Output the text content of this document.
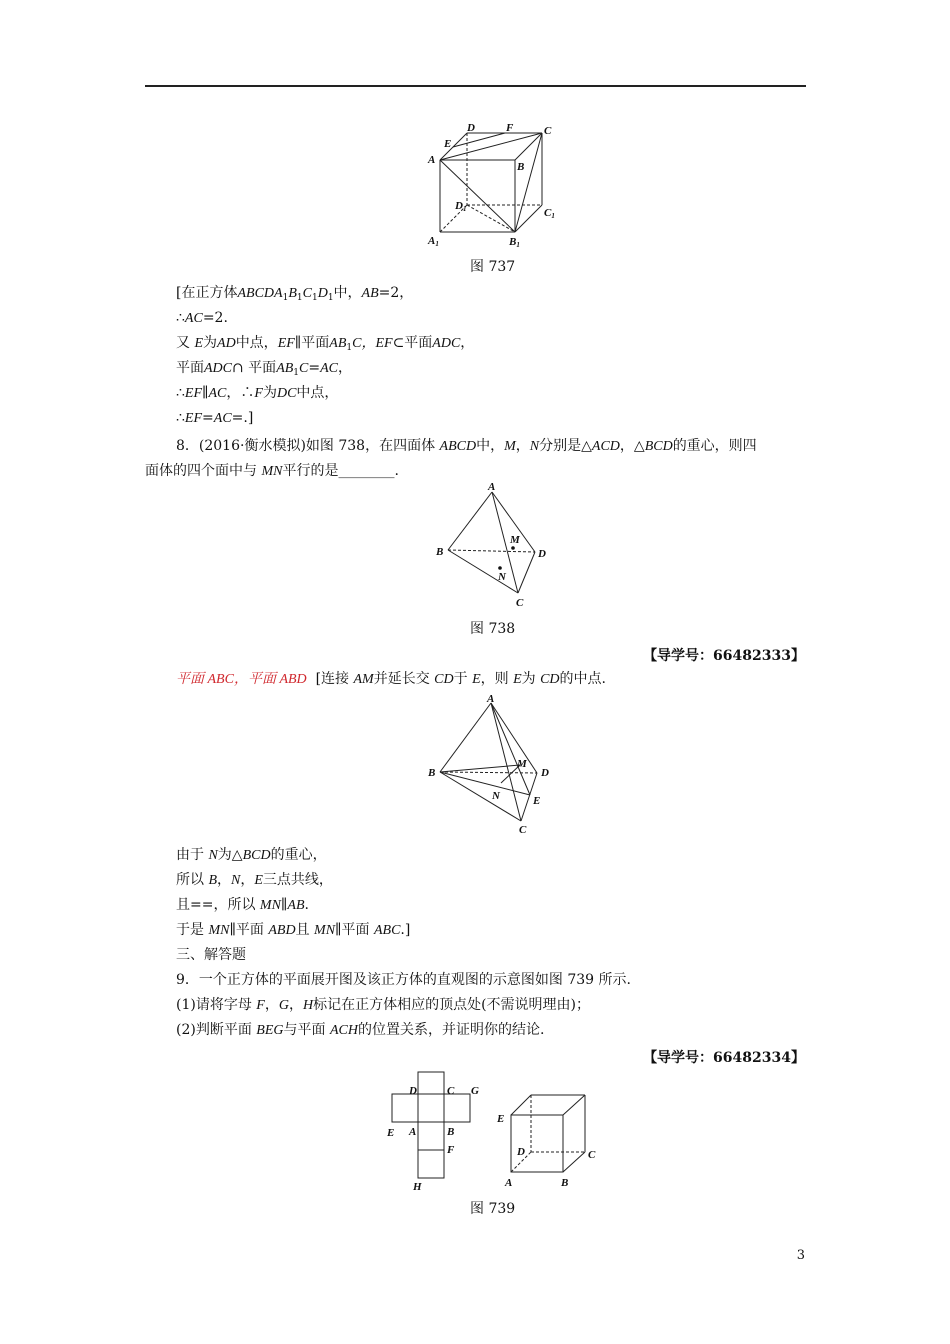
D	F	C
E
A
B
D1	C1
A1	B1
图 737
[在正方体$ABCDA_1B_1C_1D_1$中，AB=2，
∴AC=2.
又 E为AD中点，EF∥平面$AB_1C$，EF⊂平面ADC，
平面ADC∩ 平面$AB_1C=AC$，
∴EF∥AC，∴F为DC中点，
∴EF=AC=.]
8．(2016·衡水模拟)如图 738，在四面体 ABCD中，M，N分别是△ACD，△BCD的重心，则四
面体的四个面中与 MN平行的是________.
A
B	D
C
M
N
图 738
【导学号：66482333】
平面 ABC，平面 ABD [连接 AM并延长交 CD于 E，则 E为 CD的中点.
A
B	D
C
M
N	E
由于 N为△BCD的重心，
所以 B，N，E三点共线，
且==，所以 MN∥AB.
于是 MN∥平面 ABD且 MN∥平面 ABC.]
三、解答题
9．一个正方体的平面展开图及该正方体的直观图的示意图如图 739 所示.
(1)请将字母 F，G，H标记在正方体相应的顶点处(不需说明理由)；
(2)判断平面 BEG与平面 ACH的位置关系，并证明你的结论.
【导学号：66482334】
D	C G
E A	B
F
H
E
D	C
A	B
图 739
3
